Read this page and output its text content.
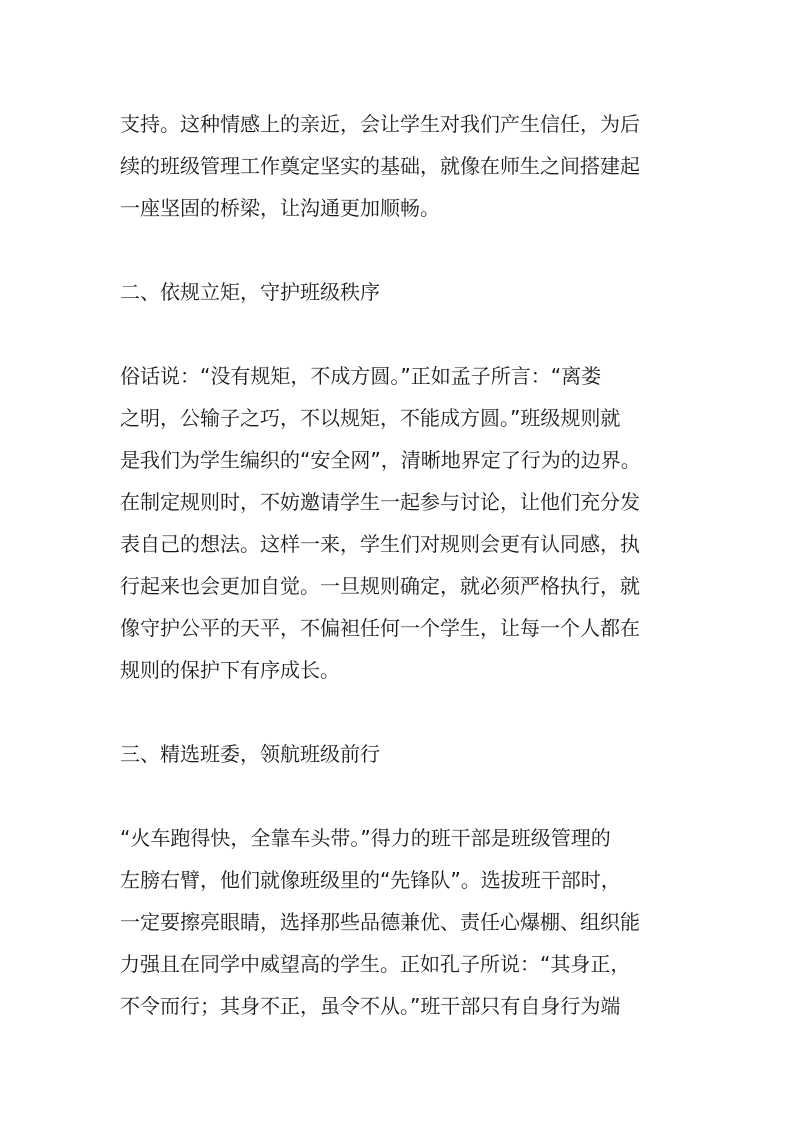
支持。这种情感上的亲近，会让学生对我们产生信任，为后
续的班级管理工作奠定坚实的基础，就像在师生之间搭建起
一座坚固的桥梁，让沟通更加顺畅。
二、依规立矩，守护班级秩序
俗话说：“没有规矩，不成方圆。”正如孟子所言：“离娄
之明，公输子之巧，不以规矩，不能成方圆。”班级规则就
是我们为学生编织的“安全网”，清晰地界定了行为的边界。
在制定规则时，不妨邀请学生一起参与讨论，让他们充分发
表自己的想法。这样一来，学生们对规则会更有认同感，执
行起来也会更加自觉。一旦规则确定，就必须严格执行，就
像守护公平的天平，不偏袒任何一个学生，让每一个人都在
规则的保护下有序成长。
三、精选班委，领航班级前行
“火车跑得快，全靠车头带。”得力的班干部是班级管理的
左膀右臂，他们就像班级里的“先锋队”。选拔班干部时，
一定要擦亮眼睛，选择那些品德兼优、责任心爆棚、组织能
力强且在同学中威望高的学生。正如孔子所说：“其身正，
不令而行；其身不正，虽令不从。”班干部只有自身行为端
